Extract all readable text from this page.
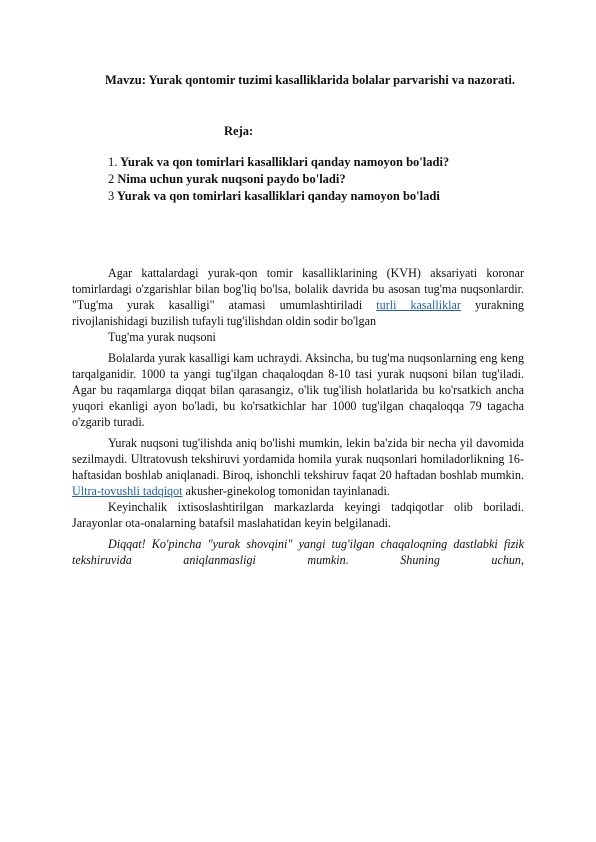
Mavzu: Yurak qontomir tuzimi kasalliklarida bolalar parvarishi va nazorati.
Reja:
1. Yurak va qon tomirlari kasalliklari qanday namoyon bo'ladi?
2 Nima uchun yurak nuqsoni paydo bo'ladi?
3 Yurak va qon tomirlari kasalliklari qanday namoyon bo'ladi

Agar kattalardagi yurak-qon tomir kasalliklarining (KVH) aksariyati koronar tomirlardagi o'zgarishlar bilan bog'liq bo'lsa, bolalik davrida bu asosan tug'ma nuqsonlardir. "Tug'ma yurak kasalligi" atamasi umumlashtiriladi turli kasalliklar yurakning rivojlanishidagi buzilish tufayli tug'ilishdan oldin sodir bo'lgan

Tug'ma yurak nuqsoni

Bolalarda yurak kasalligi kam uchraydi. Aksincha, bu tug'ma nuqsonlarning eng keng tarqalganidir. 1000 ta yangi tug'ilgan chaqaloqdan 8-10 tasi yurak nuqsoni bilan tug'iladi. Agar bu raqamlarga diqqat bilan qarasangiz, o'lik tug'ilish holatlarida bu ko'rsatkich ancha yuqori ekanligi ayon bo'ladi, bu ko'rsatkichlar har 1000 tug'ilgan chaqaloqqa 79 tagacha o'zgarib turadi.

Yurak nuqsoni tug'ilishda aniq bo'lishi mumkin, lekin ba'zida bir necha yil davomida sezilmaydi. Ultratovush tekshiruvi yordamida homila yurak nuqsonlari homiladorlikning 16-haftasidan boshlab aniqlanadi. Biroq, ishonchli tekshiruv faqat 20 haftadan boshlab mumkin. Ultra-tovushli tadqiqot akusher-ginekolog tomonidan tayinlanadi.

Keyinchalik ixtisoslashtirilgan markazlarda keyingi tadqiqotlar olib boriladi. Jarayonlar ota-onalarning batafsil maslahatidan keyin belgilanadi.

Diqqat! Ko'pincha "yurak shovqini" yangi tug'ilgan chaqaloqning dastlabki fizik tekshiruvida aniqlanmasligi mumkin. Shuning uchun,
